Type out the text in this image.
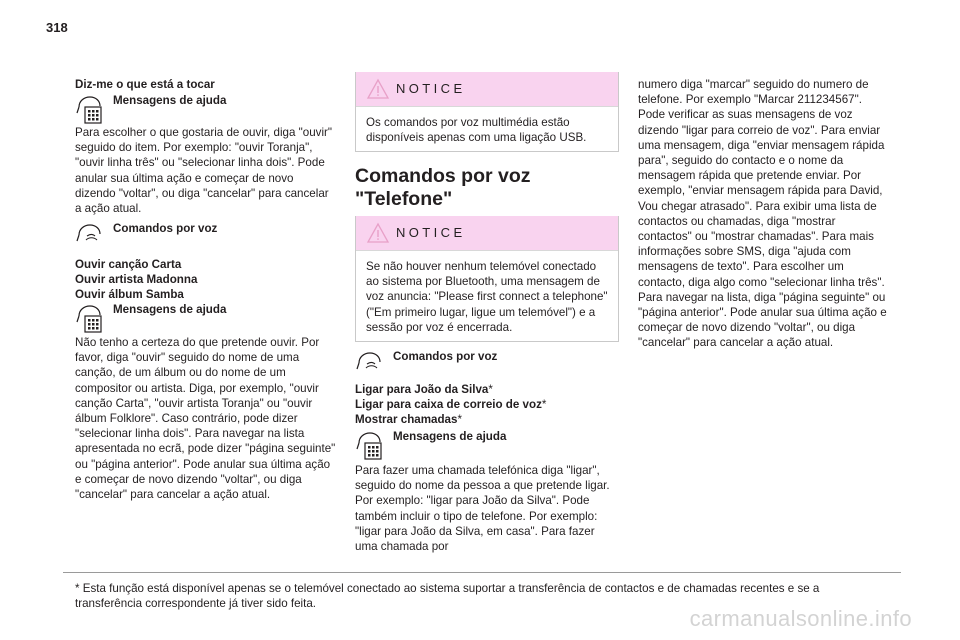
318

Diz-me o que está a tocar

Mensagens de ajuda

Para escolher o que gostaria de ouvir, diga "ouvir" seguido do item. Por exemplo: "ouvir Toranja", "ouvir linha três" ou "selecionar linha dois". Pode anular sua última ação e começar de novo dizendo "voltar", ou diga "cancelar" para cancelar a ação atual.

Comandos por voz

Ouvir canção Carta

Ouvir artista Madonna

Ouvir álbum Samba

Mensagens de ajuda

Não tenho a certeza do que pretende ouvir. Por favor, diga "ouvir" seguido do nome de uma canção, de um álbum ou do nome de um compositor ou artista. Diga, por exemplo, "ouvir canção Carta", "ouvir artista Toranja" ou "ouvir álbum Folklore". Caso contrário, pode dizer "selecionar linha dois". Para navegar na lista apresentada no ecrã, pode dizer "página seguinte" ou "página anterior". Pode anular sua última ação e começar de novo dizendo "voltar", ou diga "cancelar" para cancelar a ação atual.

NOTICE
Os comandos por voz multimédia estão disponíveis apenas com uma ligação USB.
Comandos por voz
"Telefone"
NOTICE
Se não houver nenhum telemóvel conectado ao sistema por Bluetooth, uma mensagem de voz anuncia: "Please first connect a telephone" ("Em primeiro lugar, ligue um telemóvel") e a sessão por voz é encerrada.
Comandos por voz

Ligar para João da Silva*

Ligar para caixa de correio de voz*

Mostrar chamadas*

Mensagens de ajuda

Para fazer uma chamada telefónica diga "ligar", seguido do nome da pessoa a que pretende ligar. Por exemplo: "ligar para João da Silva". Pode também incluir o tipo de telefone. Por exemplo: "ligar para João da Silva, em casa". Para fazer uma chamada por

numero diga "marcar" seguido do numero de telefone. Por exemplo "Marcar 211234567". Pode verificar as suas mensagens de voz dizendo "ligar para correio de voz". Para enviar uma mensagem, diga "enviar mensagem rápida para", seguido do contacto e o nome da mensagem rápida que pretende enviar. Por exemplo, "enviar mensagem rápida para David, Vou chegar atrasado". Para exibir uma lista de contactos ou chamadas, diga "mostrar contactos" ou "mostrar chamadas". Para mais informações sobre SMS, diga "ajuda com mensagens de texto". Para escolher um contacto, diga algo como "selecionar linha três". Para navegar na lista, diga "página seguinte" ou "página anterior". Pode anular sua última ação e começar de novo dizendo "voltar", ou diga "cancelar" para cancelar a ação atual.

* Esta função está disponível apenas se o telemóvel conectado ao sistema suportar a transferência de contactos e de chamadas recentes e se a transferência correspondente já tiver sido feita.

carmanualsonline.info
